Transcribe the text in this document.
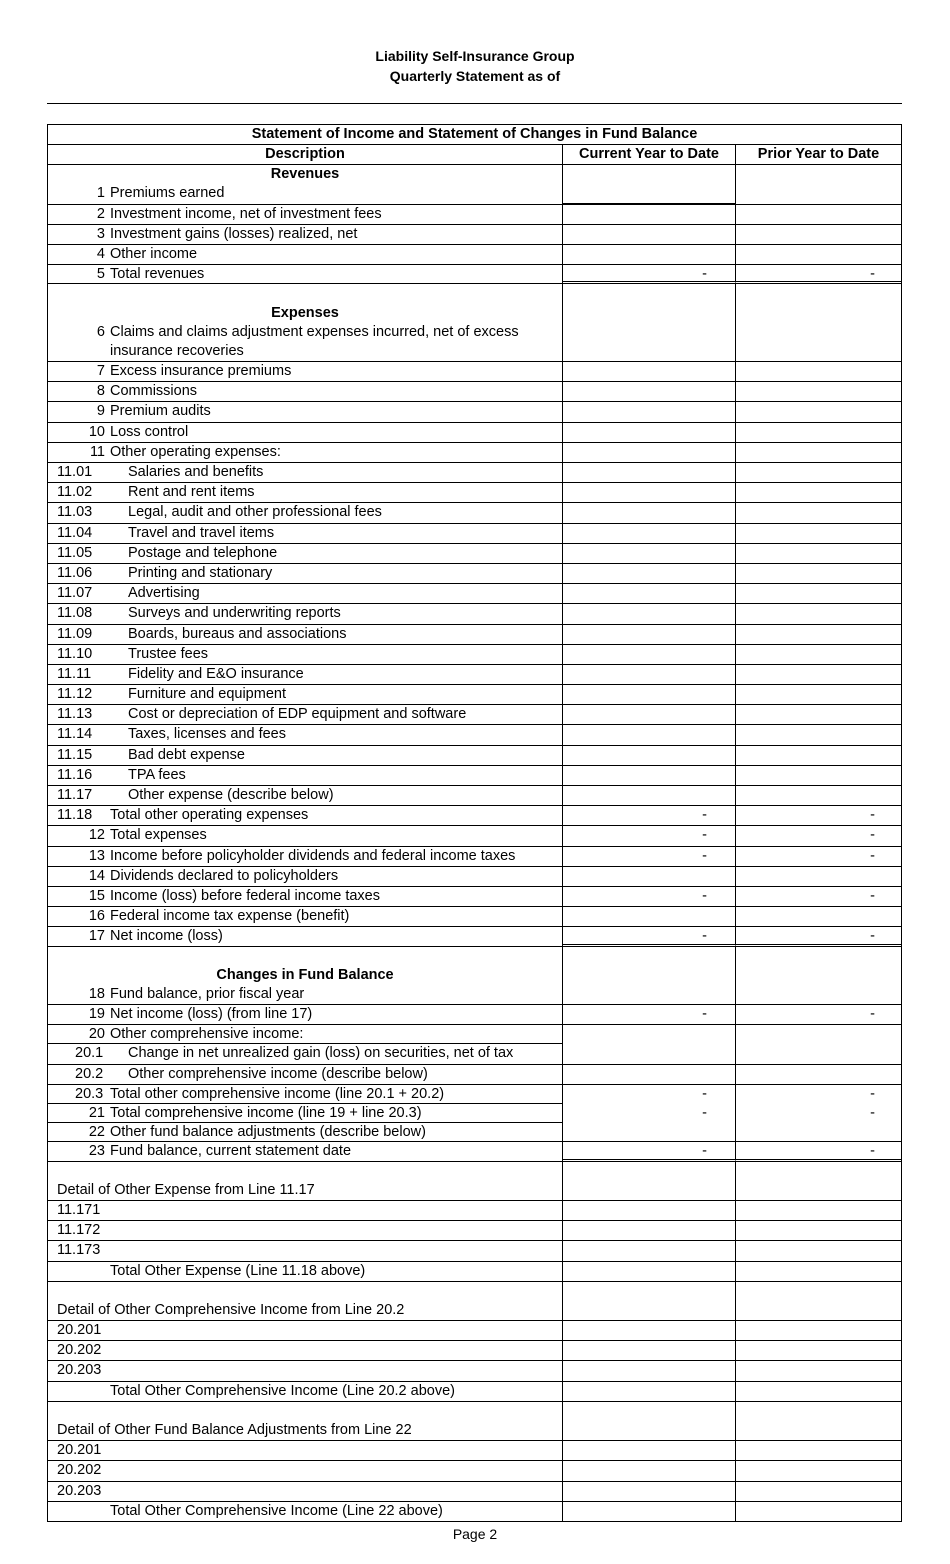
Liability Self-Insurance Group
Quarterly Statement as of
Statement of Income and Statement of Changes in Fund Balance
Description	Current Year to Date	Prior Year to Date
Revenues
1 Premiums earned
2 Investment income, net of investment fees
3 Investment gains (losses) realized, net
4 Other income
5 Total revenues	-	-
Expenses
6 Claims and claims adjustment expenses incurred, net of excess
insurance recoveries
7 Excess insurance premiums
8 Commissions
9 Premium audits
10 Loss control
11 Other operating expenses:
11.01 Salaries and benefits
11.02 Rent and rent items
11.03 Legal, audit and other professional fees
11.04 Travel and travel items
11.05 Postage and telephone
11.06 Printing and stationary
11.07 Advertising
11.08 Surveys and underwriting reports
11.09 Boards, bureaus and associations
11.10 Trustee fees
11.11	Fidelity and E&O insurance
11.12 Furniture and equipment
11.13 Cost or depreciation of EDP equipment and software
11.14 Taxes, licenses and fees
11.15 Bad debt expense
11.16 TPA fees
11.17 Other expense (describe below)
11.18 Total other operating expenses	-	-
12 Total expenses	-	-
13 Income before policyholder dividends and federal income taxes	-	-
14 Dividends declared to policyholders
15 Income (loss) before federal income taxes	-	-
16 Federal income tax expense (benefit)
17 Net income (loss)	-	-
Changes in Fund Balance
18 Fund balance, prior fiscal year
19 Net income (loss) (from line 17)	-	-
20 Other comprehensive income:
20.1 Change in net unrealized gain (loss) on securities, net of tax
20.2 Other comprehensive income (describe below)
20.3 Total other comprehensive income (line 20.1 + 20.2)	-	-
21 Total comprehensive income (line 19 + line 20.3)	-	-
22 Other fund balance adjustments (describe below)
23 Fund balance, current statement date	-	-
Detail of Other Expense from Line 11.17
11.171
11.172
11.173
Total Other Expense (Line 11.18 above)
Detail of Other Comprehensive Income from Line 20.2
20.201
20.202
20.203
Total Other Comprehensive Income (Line 20.2 above)
Detail of Other Fund Balance Adjustments from Line 22
20.201
20.202
20.203
Total Other Comprehensive Income (Line 22 above)
Page 2
